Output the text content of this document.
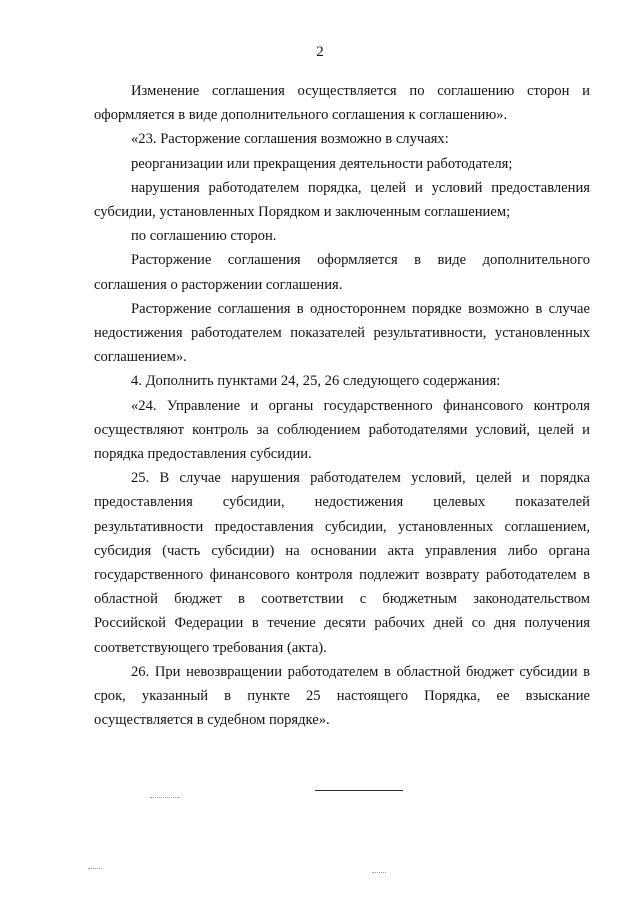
2

Изменение соглашения осуществляется по соглашению сторон и оформляется в виде дополнительного соглашения к соглашению».

«23. Расторжение соглашения возможно в случаях:

реорганизации или прекращения деятельности работодателя;

нарушения работодателем порядка, целей и условий предоставления субсидии, установленных Порядком и заключенным соглашением;

по соглашению сторон.

Расторжение соглашения оформляется в виде дополнительного соглашения о расторжении соглашения.

Расторжение соглашения в одностороннем порядке возможно в случае недостижения работодателем показателей результативности, установленных соглашением».

4. Дополнить пунктами 24, 25, 26 следующего содержания:

«24. Управление и органы государственного финансового контроля осуществляют контроль за соблюдением работодателями условий, целей и порядка предоставления субсидии.

25. В случае нарушения работодателем условий, целей и порядка предоставления субсидии, недостижения целевых показателей результативности предоставления субсидии, установленных соглашением, субсидия (часть субсидии) на основании акта управления либо органа государственного финансового контроля подлежит возврату работодателем в областной бюджет в соответствии с бюджетным законодательством Российской Федерации в течение десяти рабочих дней со дня получения соответствующего требования (акта).

26. При невозвращении работодателем в областной бюджет субсидии в срок, указанный в пункте 25 настоящего Порядка, ее взыскание осуществляется в судебном порядке».
